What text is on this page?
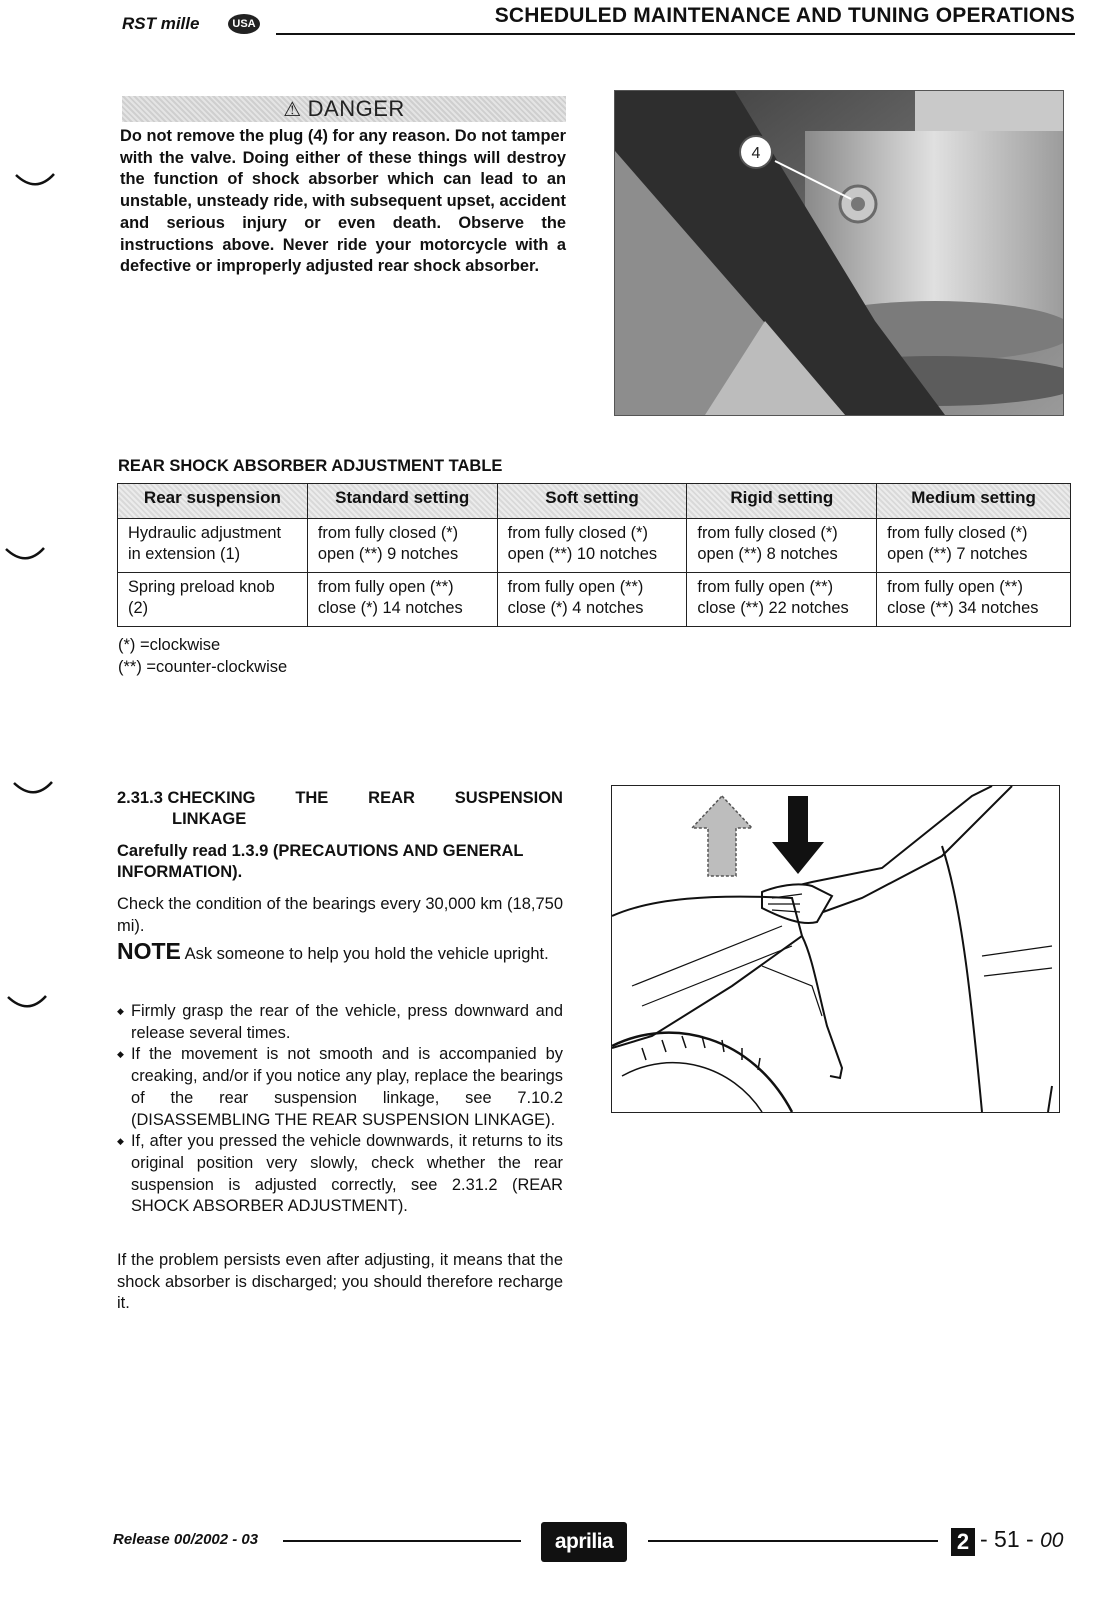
RST mille	USA	SCHEDULED MAINTENANCE AND TUNING OPERATIONS
⚠ DANGER
Do not remove the plug (4) for any reason. Do not tamper with the valve. Doing either of these things will destroy the function of shock absorber which can lead to an unstable, unsteady ride, with subsequent upset, accident and serious injury or even death. Observe the instructions above. Never ride your motorcycle with a defective or improperly adjusted rear shock absorber.
4
REAR SHOCK ABSORBER ADJUSTMENT TABLE
Rear suspension	Standard setting	Soft setting	Rigid setting	Medium setting
Hydraulic adjustment in extension (1)	from fully closed (*) open (**) 9 notches	from fully closed (*) open (**) 10 notches	from fully closed (*) open (**) 8 notches	from fully closed (*) open (**) 7 notches
Spring preload knob (2)	from fully open (**) close (*) 14 notches	from fully open (**) close (*) 4 notches	from fully open (**) close (**) 22 notches	from fully open (**) close (**) 34 notches
(*) =clockwise
(**) =counter-clockwise
2.31.3 CHECKING THE REAR SUSPENSION
LINKAGE
Carefully read 1.3.9 (PRECAUTIONS AND GENERAL INFORMATION).
Check the condition of the bearings every 30,000 km (18,750 mi).
NOTE Ask someone to help you hold the vehicle upright.
◆ Firmly grasp the rear of the vehicle, press downward and release several times.
◆ If the movement is not smooth and is accompanied by creaking, and/or if you notice any play, replace the bearings of the rear suspension linkage, see 7.10.2 (DISASSEMBLING THE REAR SUSPENSION LINKAGE).
◆ If, after you pressed the vehicle downwards, it returns to its original position very slowly, check whether the rear suspension is adjusted correctly, see 2.31.2 (REAR SHOCK ABSORBER ADJUSTMENT).
If the problem persists even after adjusting, it means that the shock absorber is discharged; you should therefore recharge it.
Release 00/2002 - 03	aprilia	2 - 51 - 00
